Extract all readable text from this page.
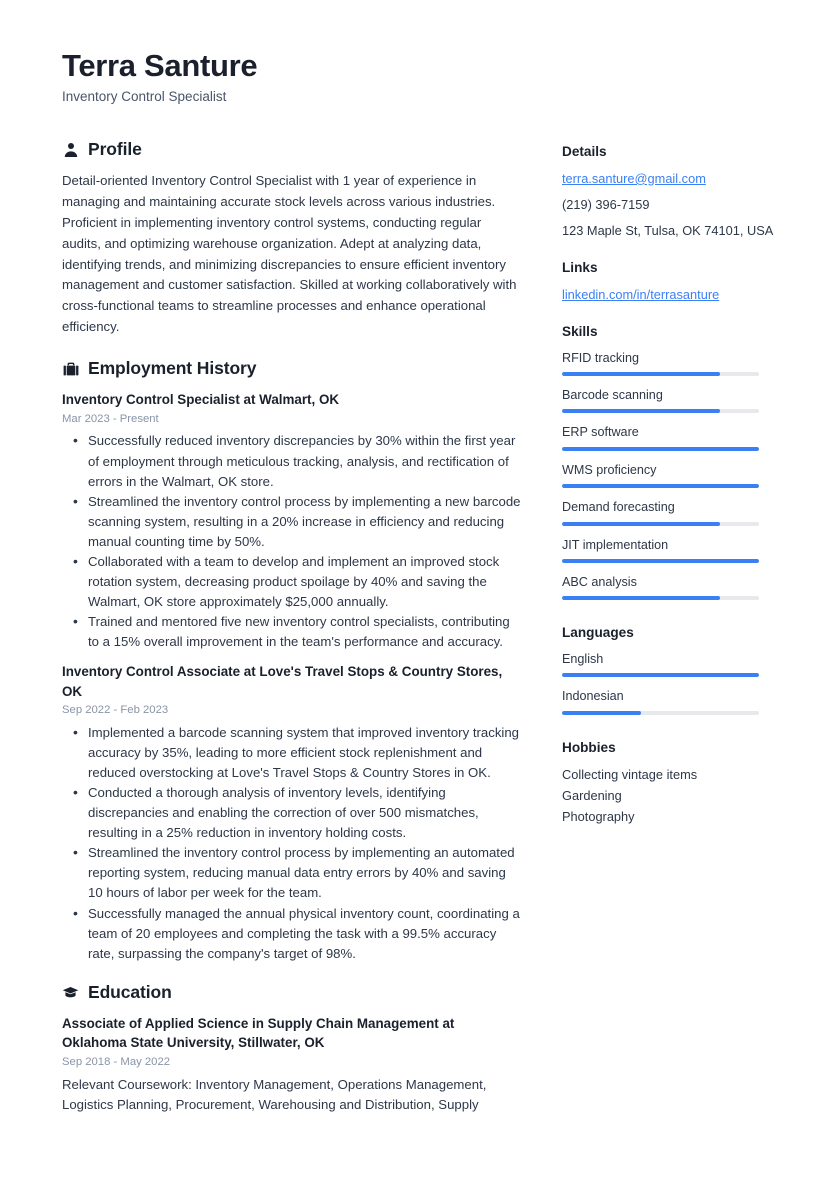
Terra Santure
Inventory Control Specialist
Profile

Detail-oriented Inventory Control Specialist with 1 year of experience in managing and maintaining accurate stock levels across various industries. Proficient in implementing inventory control systems, conducting regular audits, and optimizing warehouse organization. Adept at analyzing data, identifying trends, and minimizing discrepancies to ensure efficient inventory management and customer satisfaction. Skilled at working collaboratively with cross-functional teams to streamline processes and enhance operational efficiency.

Employment History
Inventory Control Specialist at Walmart, OK
Mar 2023 - Present
• Successfully reduced inventory discrepancies by 30% within the first year of employment through meticulous tracking, analysis, and rectification of errors in the Walmart, OK store.
• Streamlined the inventory control process by implementing a new barcode scanning system, resulting in a 20% increase in efficiency and reducing manual counting time by 50%.
• Collaborated with a team to develop and implement an improved stock rotation system, decreasing product spoilage by 40% and saving the Walmart, OK store approximately $25,000 annually.
• Trained and mentored five new inventory control specialists, contributing to a 15% overall improvement in the team's performance and accuracy.
Inventory Control Associate at Love's Travel Stops & Country Stores, OK
Sep 2022 - Feb 2023
• Implemented a barcode scanning system that improved inventory tracking accuracy by 35%, leading to more efficient stock replenishment and reduced overstocking at Love's Travel Stops & Country Stores in OK.
• Conducted a thorough analysis of inventory levels, identifying discrepancies and enabling the correction of over 500 mismatches, resulting in a 25% reduction in inventory holding costs.
• Streamlined the inventory control process by implementing an automated reporting system, reducing manual data entry errors by 40% and saving 10 hours of labor per week for the team.
• Successfully managed the annual physical inventory count, coordinating a team of 20 employees and completing the task with a 99.5% accuracy rate, surpassing the company's target of 98%.
Education
Associate of Applied Science in Supply Chain Management at Oklahoma State University, Stillwater, OK
Sep 2018 - May 2022
Relevant Coursework: Inventory Management, Operations Management, Logistics Planning, Procurement, Warehousing and Distribution, Supply
Details
terra.santure@gmail.com
(219) 396-7159
123 Maple St, Tulsa, OK 74101, USA
Links
linkedin.com/in/terrasanture
Skills
RFID tracking
Barcode scanning
ERP software
WMS proficiency
Demand forecasting
JIT implementation
ABC analysis
Languages
English
Indonesian
Hobbies
Collecting vintage items
Gardening
Photography
